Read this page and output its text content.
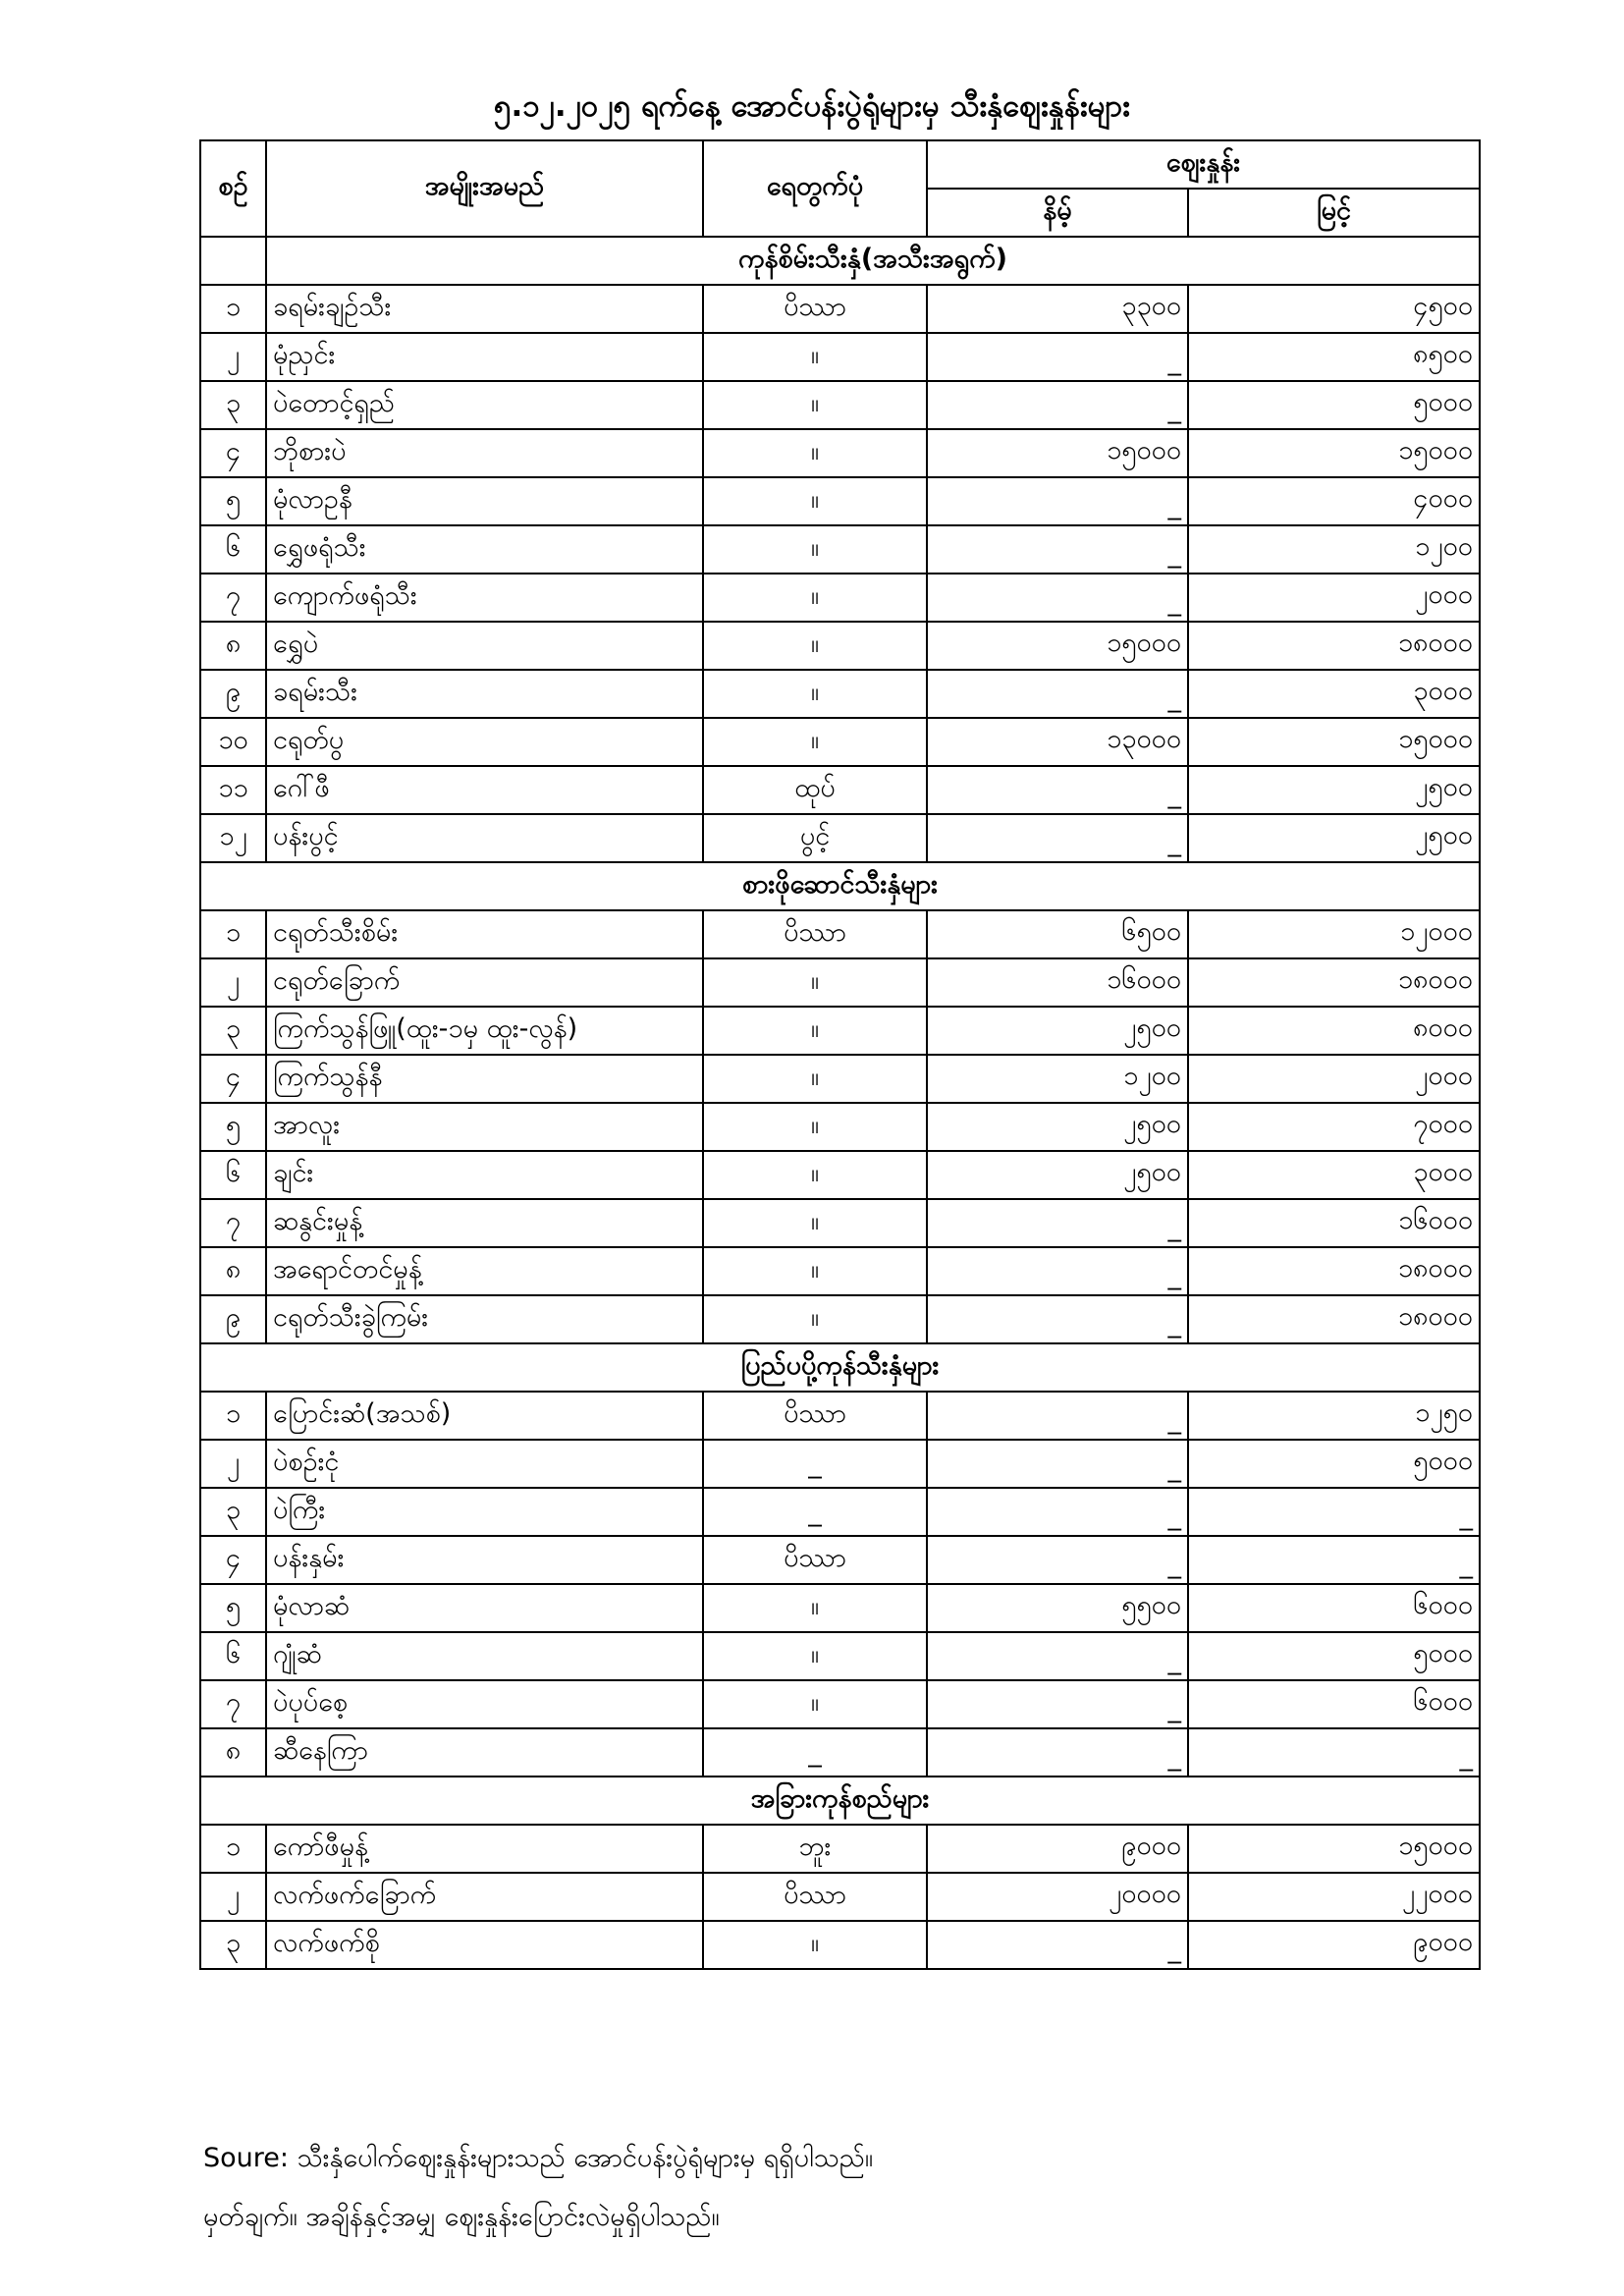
၅.၁၂.၂၀၂၅ ရက်နေ့ အောင်ပန်းပွဲရုံများမှ သီးနှံဈေးနှုန်းများ
စဉ်	အမျိုးအမည်	ရေတွက်ပုံ	ဈေးနှုန်း	
			နိမ့်	မြင့်
	ကုန်စိမ်းသီးနှံ(အသီးအရွက်)			
၁	ခရမ်းချဉ်သီး	ပိဿာ	၃၃၀၀	၄၅၀၀
၂	မုံညှင်း	။	_	၈၅၀၀
၃	ပဲတောင့်ရှည်	။	_	၅၀၀၀
၄	ဘိုစားပဲ	။	၁၅၀၀၀	၁၅၀၀၀
၅	မုံလာဥနီ	။	_	၄၀၀၀
၆	ရွှေဖရုံသီး	။	_	၁၂၀၀
၇	ကျောက်ဖရုံသီး	။	_	၂၀၀၀
၈	ရွှေပဲ	။	၁၅၀၀၀	၁၈၀၀၀
၉	ခရမ်းသီး	။	_	၃၀၀၀
၁၀	ငရုတ်ပွ	။	၁၃၀၀၀	၁၅၀၀၀
၁၁	ဂေါ်ဖီ	ထုပ်	_	၂၅၀၀
၁၂	ပန်းပွင့်	ပွင့်	_	၂၅၀၀
စားဖိုဆောင်သီးနှံများ				
၁	ငရုတ်သီးစိမ်း	ပိဿာ	၆၅၀၀	၁၂၀၀၀
၂	ငရုတ်ခြောက်	။	၁၆၀၀၀	၁၈၀၀၀
၃	ကြက်သွန်ဖြူ(ထူး-၁မှ ထူး-လွန်)	။	၂၅၀၀	၈၀၀၀
၄	ကြက်သွန်နီ	။	၁၂၀၀	၂၀၀၀
၅	အာလူး	။	၂၅၀၀	၇၀၀၀
၆	ချင်း	။	၂၅၀၀	၃၀၀၀
၇	ဆနွင်းမှုန့်	။	_	၁၆၀၀၀
၈	အရောင်တင်မှုန့်	။	_	၁၈၀၀၀
၉	ငရုတ်သီးခွဲကြမ်း	။	_	၁၈၀၀၀
ပြည်ပပို့ကုန်သီးနှံများ				
၁	ပြောင်းဆံ(အသစ်)	ပိဿာ	_	၁၂၅၀
၂	ပဲစဉ်းငုံ	_	_	၅၀၀၀
၃	ပဲကြီး	_	_	_
၄	ပန်းနှမ်း	ပိဿာ	_	_
၅	မုံလာဆံ	။	၅၅၀၀	၆၀၀၀
၆	ဂျုံဆံ	။	_	၅၀၀၀
၇	ပဲပုပ်စေ့	။	_	၆၀၀၀
၈	ဆီနေကြာ	_	_	_
အခြားကုန်စည်များ				
၁	ကော်ဖီမှုန့်	ဘူး	၉၀၀၀	၁၅၀၀၀
၂	လက်ဖက်ခြောက်	ပိဿာ	၂၀၀၀၀	၂၂၀၀၀
၃	လက်ဖက်စို	။	_	၉၀၀၀
Soure: သီးနှံပေါက်ဈေးနှုန်းများသည် အောင်ပန်းပွဲရုံများမှ ရရှိပါသည်။
မှတ်ချက်။ အချိန်နှင့်အမျှ ဈေးနှုန်းပြောင်းလဲမှုရှိပါသည်။
